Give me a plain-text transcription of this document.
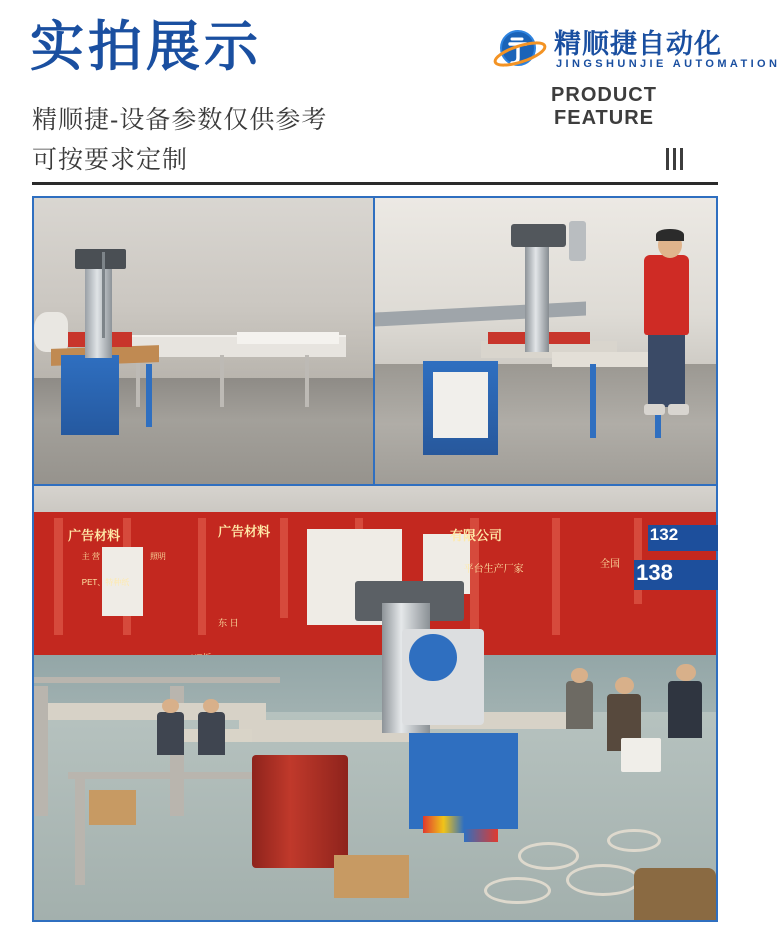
实拍展示
精顺捷-设备参数仅供参考
可按要求定制
精顺捷自动化
JINGSHUNJIE AUTOMATION
PRODUCT
FEATURE
广告材料	有限公司
平台生产厂家	全国
广告材料
主 营	照明
PET、特种纸
东 日
132
138
